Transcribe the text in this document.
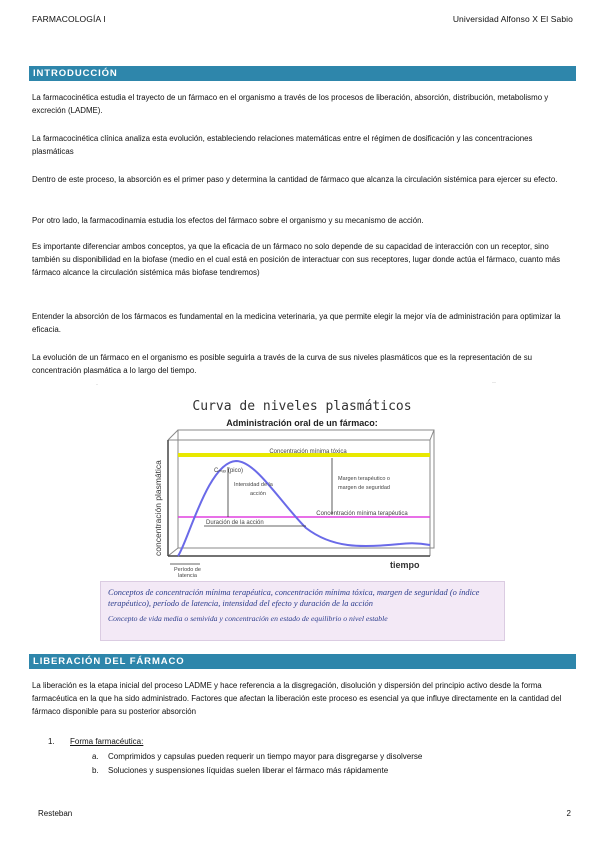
FARMACOLOGÍA I	Universidad Alfonso X El Sabio
INTRODUCCIÓN
La farmacocinética estudia el trayecto de un fármaco en el organismo a través de los procesos de liberación, absorción, distribución, metabolismo y excreción (LADME).
La farmacocinética clínica analiza esta evolución, estableciendo relaciones matemáticas entre el régimen de dosificación y las concentraciones plasmáticas
Dentro de este proceso, la absorción es el primer paso y determina la cantidad de fármaco que alcanza la circulación sistémica para ejercer su efecto.
Por otro lado, la farmacodinamia estudia los efectos del fármaco sobre el organismo y su mecanismo de acción.
Es importante diferenciar ambos conceptos, ya que la eficacia de un fármaco no solo depende de su capacidad de interacción con un receptor, sino también su disponibilidad en la biofase (medio en el cual está en posición de interactuar con sus receptores, lugar donde actúa el fármaco, cuanto más fármaco alcance la circulación sistémica más biofase tendremos)
Entender la absorción de los fármacos es fundamental en la medicina veterinaria, ya que permite elegir la mejor vía de administración para optimizar la eficacia.
La evolución de un fármaco en el organismo es posible seguirla a través de la curva de sus niveles plasmáticos que es la representación de su concentración plasmática a lo largo del tiempo.
·	··
Curva de niveles plasmáticos
Administración oral de un fármaco:
Concentración mínima tóxica
Concentración mínima terapéutica
Cₘₐₓ (pico)
Intensidad de la
acción
Margen terapéutico o
margen de seguridad
Duración de la acción
Período de
latencia
tiempo
concentración plasmática
Conceptos de concentración mínima terapéutica, concentración mínima tóxica, margen de seguridad (o índice terapéutico), período de latencia, intensidad del efecto y duración de la acción
Concepto de vida media o semivida y concentración en estado de equilibrio o nivel estable
LIBERACIÓN DEL FÁRMACO
La liberación es la etapa inicial del proceso LADME y hace referencia a la disgregación, disolución y dispersión del principio activo desde la forma farmacéutica en la que ha sido administrado. Factores que afectan la liberación este proceso es esencial ya que influye directamente en la cantidad del fármaco disponible para su posterior absorción
1. Forma farmacéutica:
a. Comprimidos y capsulas pueden requerir un tiempo mayor para disgregarse y disolverse
b. Soluciones y suspensiones líquidas suelen liberar el fármaco más rápidamente
Resteban	2
